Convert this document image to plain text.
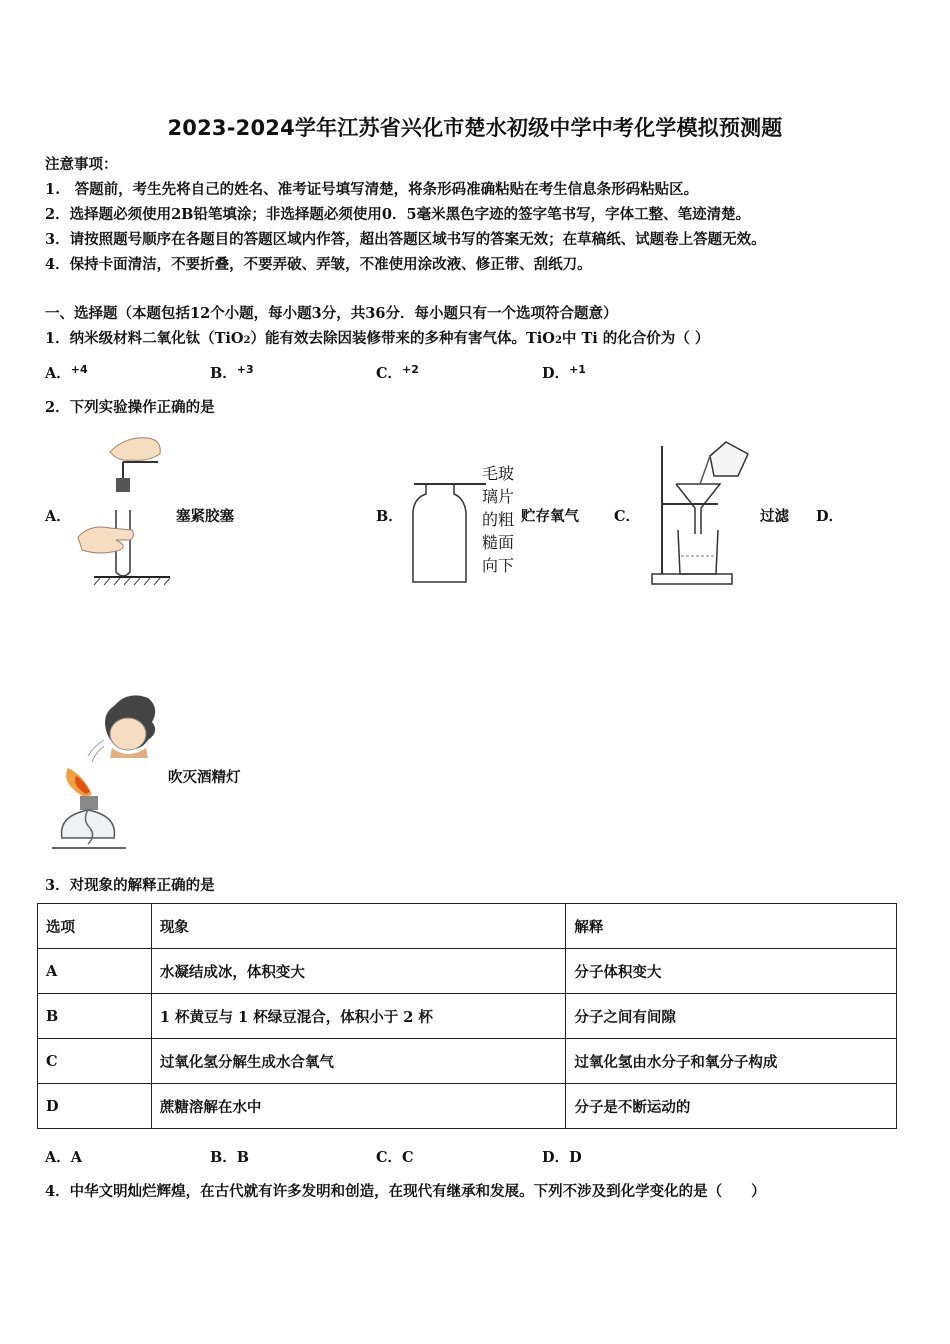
2023-2024学年江苏省兴化市楚水初级中学中考化学模拟预测题
注意事项：
1.　答题前，考生先将自己的姓名、准考证号填写清楚，将条形码准确粘贴在考生信息条形码粘贴区。
2．选择题必须使用2B铅笔填涂；非选择题必须使用0．5毫米黑色字迹的签字笔书写，字体工整、笔迹清楚。
3．请按照题号顺序在各题目的答题区域内作答，超出答题区域书写的答案无效；在草稿纸、试题卷上答题无效。
4．保持卡面清洁，不要折叠，不要弄破、弄皱，不准使用涂改液、修正带、刮纸刀。
一、选择题（本题包括12个小题，每小题3分，共36分．每小题只有一个选项符合题意）
1．纳米级材料二氧化钛（TiO2）能有效去除因装修带来的多种有害气体。TiO2中 Ti 的化合价为（ ）
A．$^{+4}$	B．$^{+3}$	C．$^{+2}$	D．$^{+1}$
2．下列实验操作正确的是
A．	塞紧胶塞	B．
毛玻璃片的粗糙面向下
贮存氧气 C．	过滤 D．
吹灭酒精灯
3．对现象的解释正确的是
选项	现象	解释
A	水凝结成冰，体积变大	分子体积变大
B	1 杯黄豆与 1 杯绿豆混合，体积小于 2 杯	分子之间有间隙
C	过氧化氢分解生成水合氧气	过氧化氢由水分子和氧分子构成
D	蔗糖溶解在水中	分子是不断运动的
A．A	B．B	C．C	D．D
4．中华文明灿烂辉煌，在古代就有许多发明和创造，在现代有继承和发展。下列不涉及到化学变化的是（　　）
